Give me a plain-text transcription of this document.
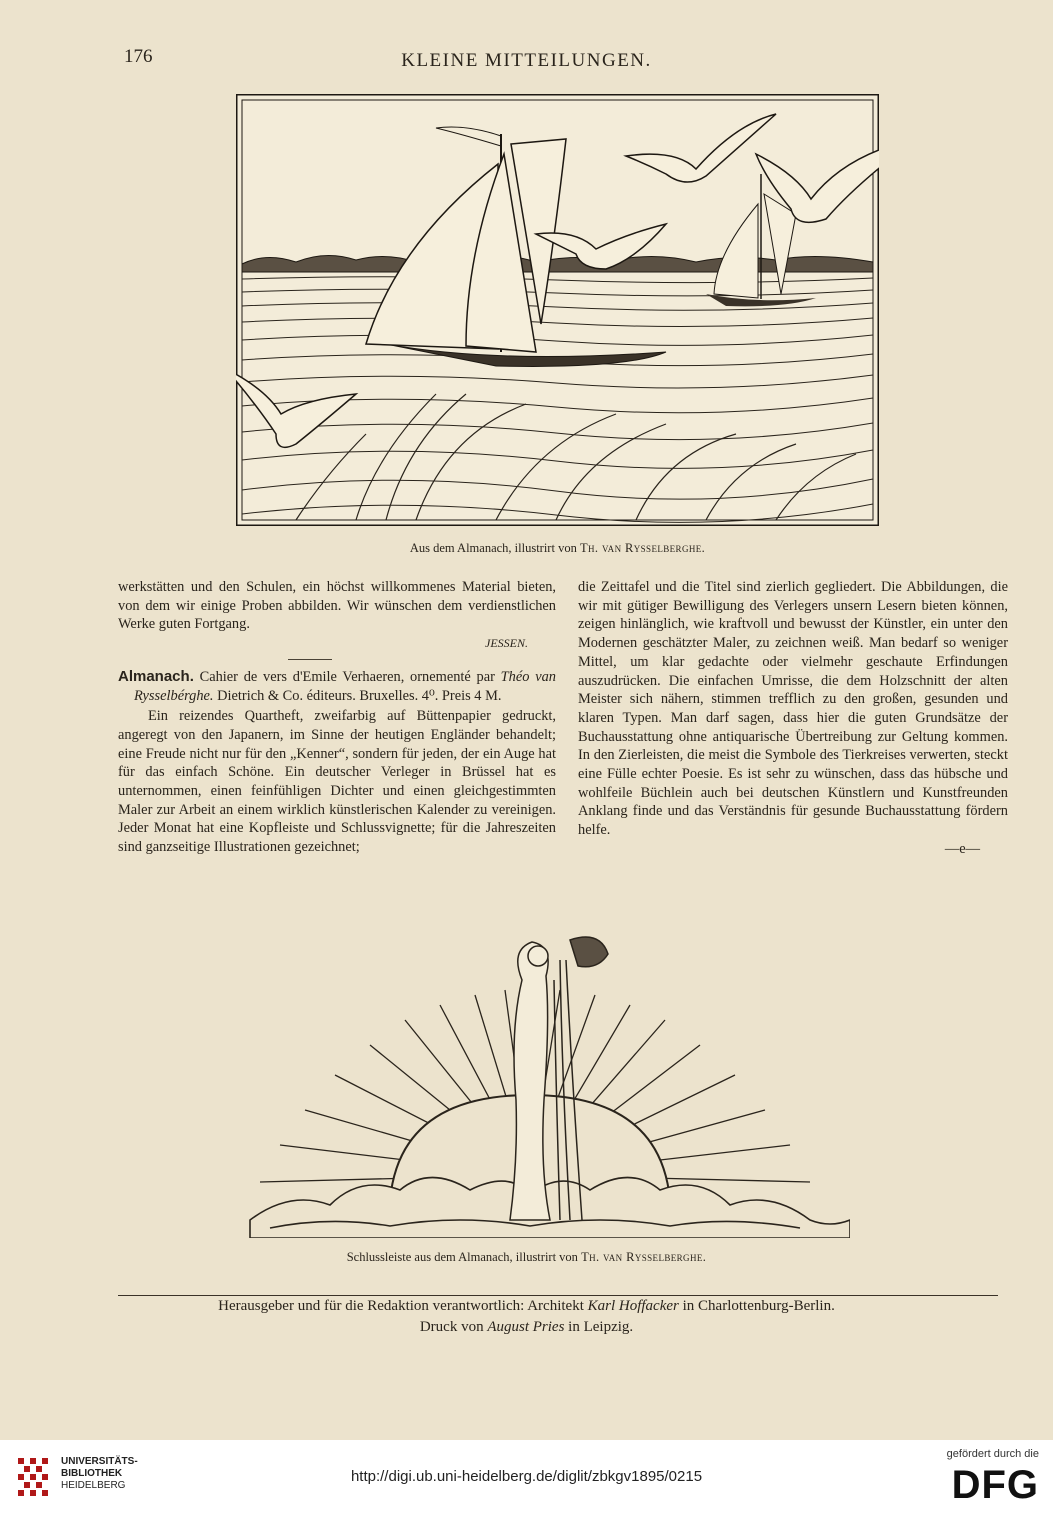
176	KLEINE MITTEILUNGEN.
Aus dem Almanach, illustrirt von Th. van Rysselberghe.

werkstätten und den Schulen, ein höchst willkommenes Material bieten, von dem wir einige Proben abbilden. Wir wünschen dem verdienstlichen Werke guten Fortgang.

JESSEN.

Almanach. Cahier de vers d'Emile Verhaeren, ornementé par Théo van Rysselbérghe. Dietrich & Co. éditeurs. Bruxelles. 4⁰. Preis 4 M.

Ein reizendes Quartheft, zweifarbig auf Büttenpapier gedruckt, angeregt von den Japanern, im Sinne der heutigen Engländer behandelt; eine Freude nicht nur für den „Kenner“, sondern für jeden, der ein Auge hat für das einfach Schöne. Ein deutscher Verleger in Brüssel hat es unternommen, einen feinfühligen Dichter und einen gleichgestimmten Maler zur Arbeit an einem wirklich künstlerischen Kalender zu vereinigen. Jeder Monat hat eine Kopfleiste und Schlussvignette; für die Jahreszeiten sind ganzseitige Illustrationen gezeichnet;

die Zeittafel und die Titel sind zierlich gegliedert. Die Abbildungen, die wir mit gütiger Bewilligung des Verlegers unsern Lesern bieten können, zeigen hinlänglich, wie kraftvoll und bewusst der Künstler, ein unter den Modernen geschätzter Maler, zu zeichnen weiß. Man bedarf so weniger Mittel, um klar gedachte oder vielmehr geschaute Erfindungen auszudrücken. Die einfachen Umrisse, die dem Holzschnitt der alten Meister sich nähern, stimmen trefflich zu den großen, gesunden und klaren Typen. Man darf sagen, dass hier die guten Grundsätze der Buchausstattung ohne antiquarische Übertreibung zur Geltung kommen. In den Zierleisten, die meist die Symbole des Tierkreises verwerten, steckt eine Fülle echter Poesie. Es ist sehr zu wünschen, dass das hübsche und wohlfeile Büchlein auch bei deutschen Künstlern und Kunstfreunden Anklang finde und das Verständnis für gesunde Buchausstattung fördern helfe.

—e—

Schlussleiste aus dem Almanach, illustrirt von Th. van Rysselberghe.
Herausgeber und für die Redaktion verantwortlich: Architekt Karl Hoffacker in Charlottenburg-Berlin.
Druck von August Pries in Leipzig.
UNIVERSITÄTS-
BIBLIOTHEK
HEIDELBERG
http://digi.ub.uni-heidelberg.de/diglit/zbkgv1895/0215
gefördert durch die
DFG
